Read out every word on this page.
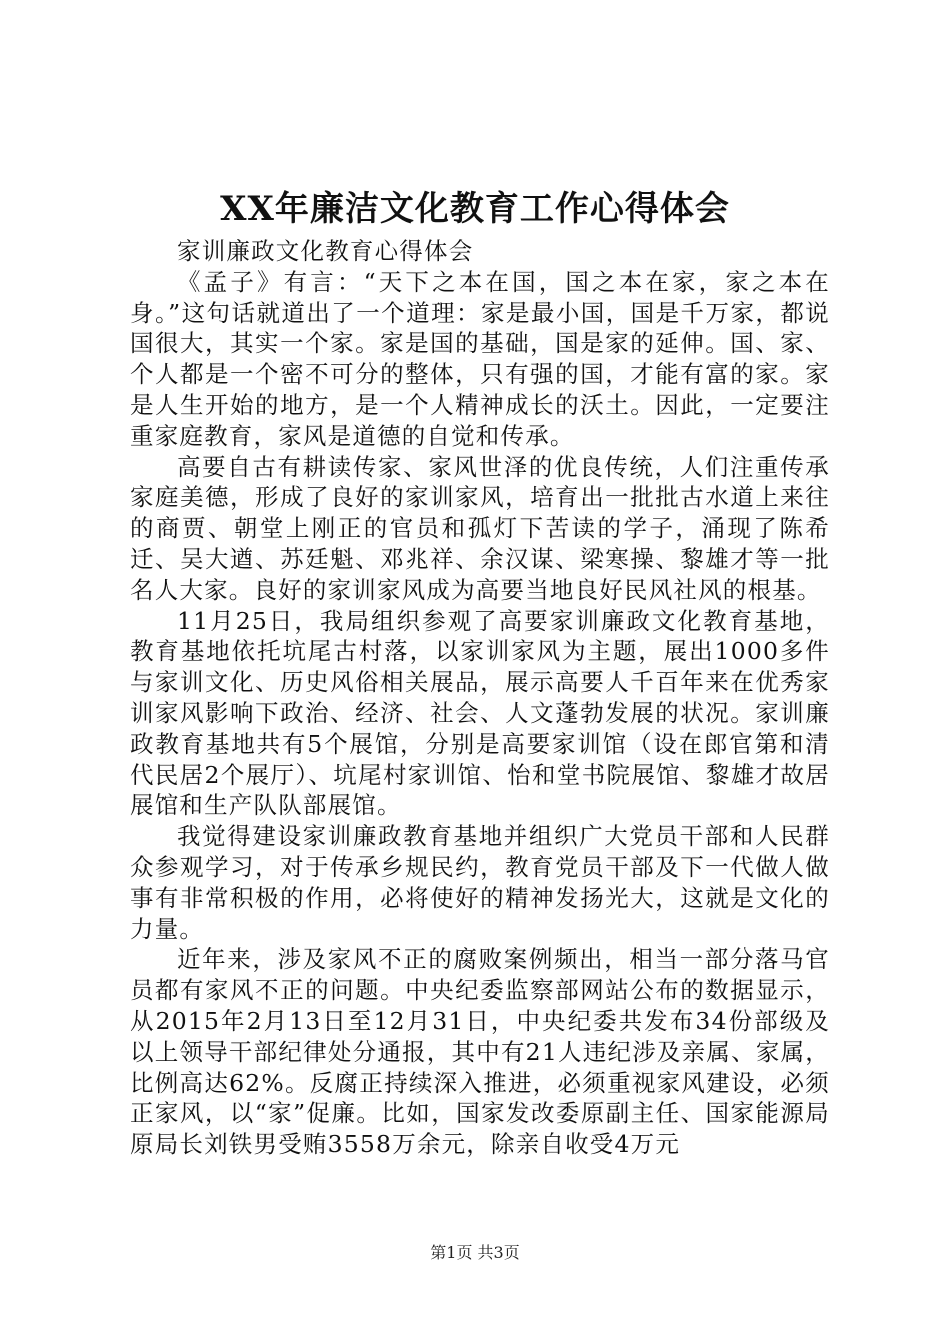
XX年廉洁文化教育工作心得体会

家训廉政文化教育心得体会

《孟子》有言：“天下之本在国，国之本在家，家之本在身。”这句话就道出了一个道理：家是最小国，国是千万家，都说国很大，其实一个家。家是国的基础，国是家的延伸。国、家、个人都是一个密不可分的整体，只有强的国，才能有富的家。家是人生开始的地方，是一个人精神成长的沃土。因此，一定要注重家庭教育，家风是道德的自觉和传承。

高要自古有耕读传家、家风世泽的优良传统，人们注重传承家庭美德，形成了良好的家训家风，培育出一批批古水道上来往的商贾、朝堂上刚正的官员和孤灯下苦读的学子，涌现了陈希迁、吴大遒、苏廷魁、邓兆祥、余汉谋、梁寒操、黎雄才等一批名人大家。良好的家训家风成为高要当地良好民风社风的根基。

11月25日，我局组织参观了高要家训廉政文化教育基地，教育基地依托坑尾古村落，以家训家风为主题，展出1000多件与家训文化、历史风俗相关展品，展示高要人千百年来在优秀家训家风影响下政治、经济、社会、人文蓬勃发展的状况。家训廉政教育基地共有5个展馆，分别是高要家训馆（设在郎官第和清代民居2个展厅）、坑尾村家训馆、怡和堂书院展馆、黎雄才故居展馆和生产队队部展馆。

我觉得建设家训廉政教育基地并组织广大党员干部和人民群众参观学习，对于传承乡规民约，教育党员干部及下一代做人做事有非常积极的作用，必将使好的精神发扬光大，这就是文化的力量。

近年来，涉及家风不正的腐败案例频出，相当一部分落马官员都有家风不正的问题。中央纪委监察部网站公布的数据显示，从2015年2月13日至12月31日，中央纪委共发布34份部级及以上领导干部纪律处分通报，其中有21人违纪涉及亲属、家属，比例高达62%。反腐正持续深入推进，必须重视家风建设，必须正家风，以“家”促廉。比如，国家发改委原副主任、国家能源局原局长刘铁男受贿3558万余元，除亲自收受4万元

第1页 共3页
